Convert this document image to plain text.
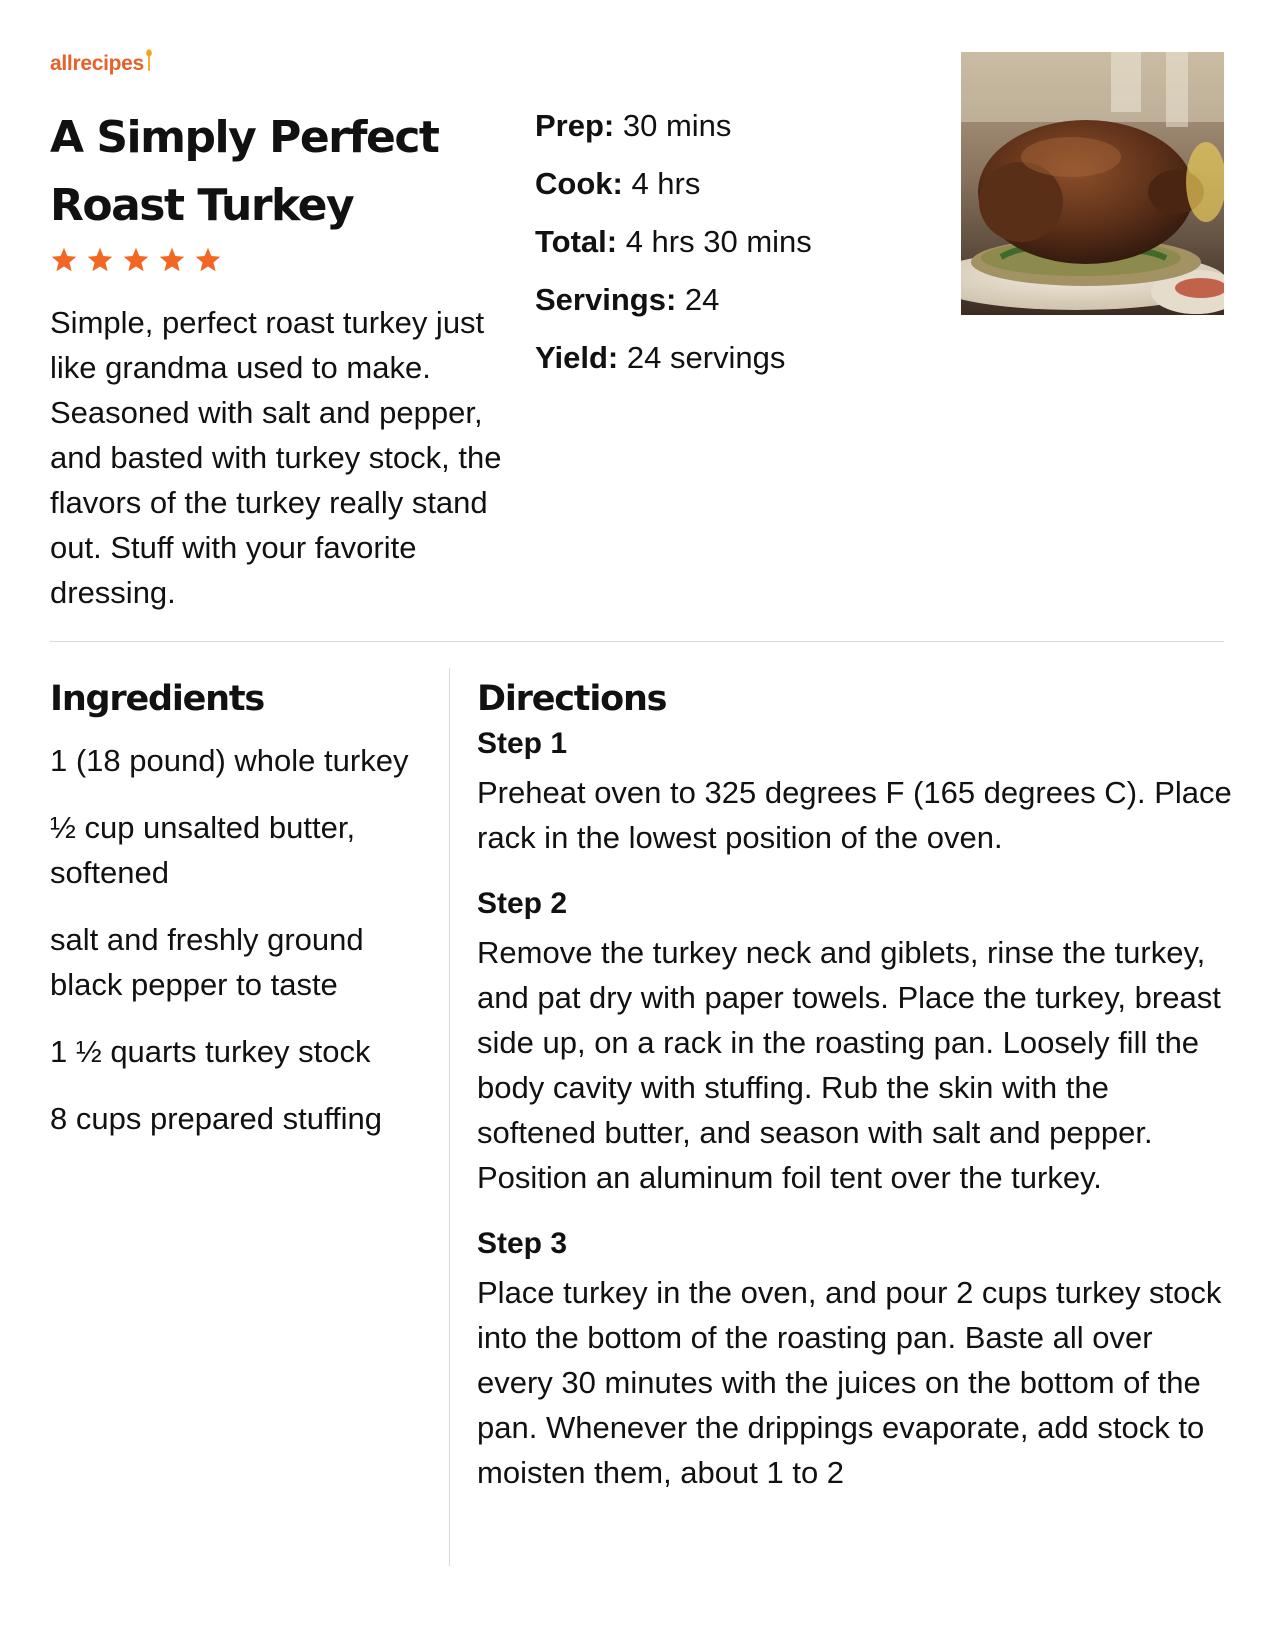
allrecipes
A Simply Perfect Roast Turkey
Simple, perfect roast turkey just like grandma used to make. Seasoned with salt and pepper, and basted with turkey stock, the flavors of the turkey really stand out. Stuff with your favorite dressing.
Prep: 30 mins
Cook: 4 hrs
Total: 4 hrs 30 mins
Servings: 24
Yield: 24 servings
Ingredients
1 (18 pound) whole turkey
½ cup unsalted butter, softened
salt and freshly ground black pepper to taste
1 ½ quarts turkey stock
8 cups prepared stuffing
Directions
Step 1
Preheat oven to 325 degrees F (165 degrees C). Place rack in the lowest position of the oven.
Step 2
Remove the turkey neck and giblets, rinse the turkey, and pat dry with paper towels. Place the turkey, breast side up, on a rack in the roasting pan. Loosely fill the body cavity with stuffing. Rub the skin with the softened butter, and season with salt and pepper. Position an aluminum foil tent over the turkey.
Step 3
Place turkey in the oven, and pour 2 cups turkey stock into the bottom of the roasting pan. Baste all over every 30 minutes with the juices on the bottom of the pan. Whenever the drippings evaporate, add stock to moisten them, about 1 to 2
